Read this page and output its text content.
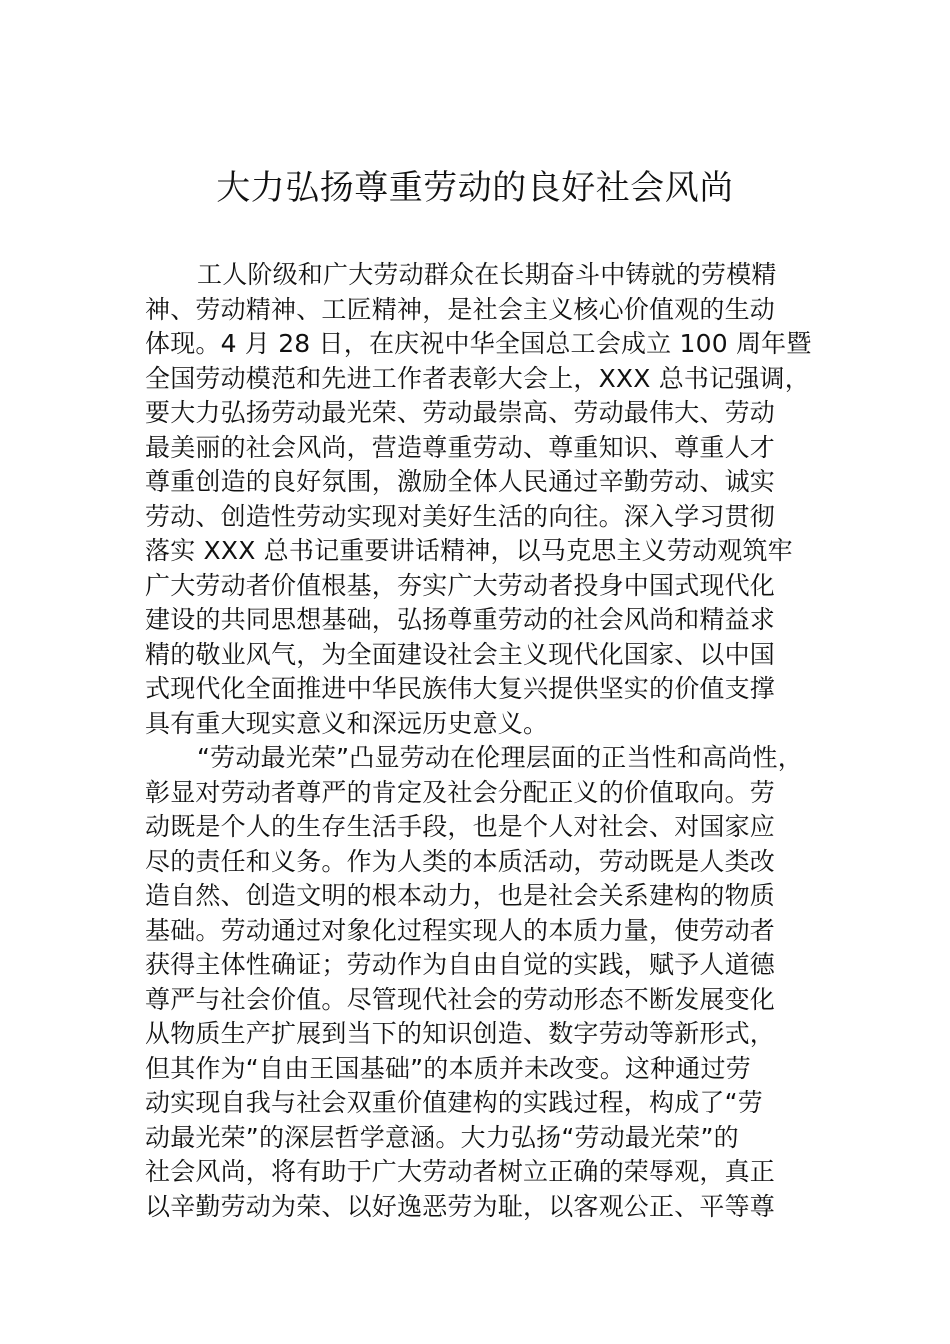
大力弘扬尊重劳动的良好社会风尚
工人阶级和广大劳动群众在长期奋斗中铸就的劳模精
神、劳动精神、工匠精神，是社会主义核心价值观的生动
体现。4 月 28 日，在庆祝中华全国总工会成立 100 周年暨
全国劳动模范和先进工作者表彰大会上，XXX 总书记强调，
要大力弘扬劳动最光荣、劳动最崇高、劳动最伟大、劳动
最美丽的社会风尚，营造尊重劳动、尊重知识、尊重人才
尊重创造的良好氛围，激励全体人民通过辛勤劳动、诚实
劳动、创造性劳动实现对美好生活的向往。深入学习贯彻
落实 XXX 总书记重要讲话精神，以马克思主义劳动观筑牢
广大劳动者价值根基，夯实广大劳动者投身中国式现代化
建设的共同思想基础，弘扬尊重劳动的社会风尚和精益求
精的敬业风气，为全面建设社会主义现代化国家、以中国
式现代化全面推进中华民族伟大复兴提供坚实的价值支撑
具有重大现实意义和深远历史意义。
“劳动最光荣”凸显劳动在伦理层面的正当性和高尚性，
彰显对劳动者尊严的肯定及社会分配正义的价值取向。劳
动既是个人的生存生活手段，也是个人对社会、对国家应
尽的责任和义务。作为人类的本质活动，劳动既是人类改
造自然、创造文明的根本动力，也是社会关系建构的物质
基础。劳动通过对象化过程实现人的本质力量，使劳动者
获得主体性确证；劳动作为自由自觉的实践，赋予人道德
尊严与社会价值。尽管现代社会的劳动形态不断发展变化
从物质生产扩展到当下的知识创造、数字劳动等新形式，
但其作为“自由王国基础”的本质并未改变。这种通过劳
动实现自我与社会双重价值建构的实践过程，构成了“劳
动最光荣”的深层哲学意涵。大力弘扬“劳动最光荣”的
社会风尚，将有助于广大劳动者树立正确的荣辱观，真正
以辛勤劳动为荣、以好逸恶劳为耻，以客观公正、平等尊
